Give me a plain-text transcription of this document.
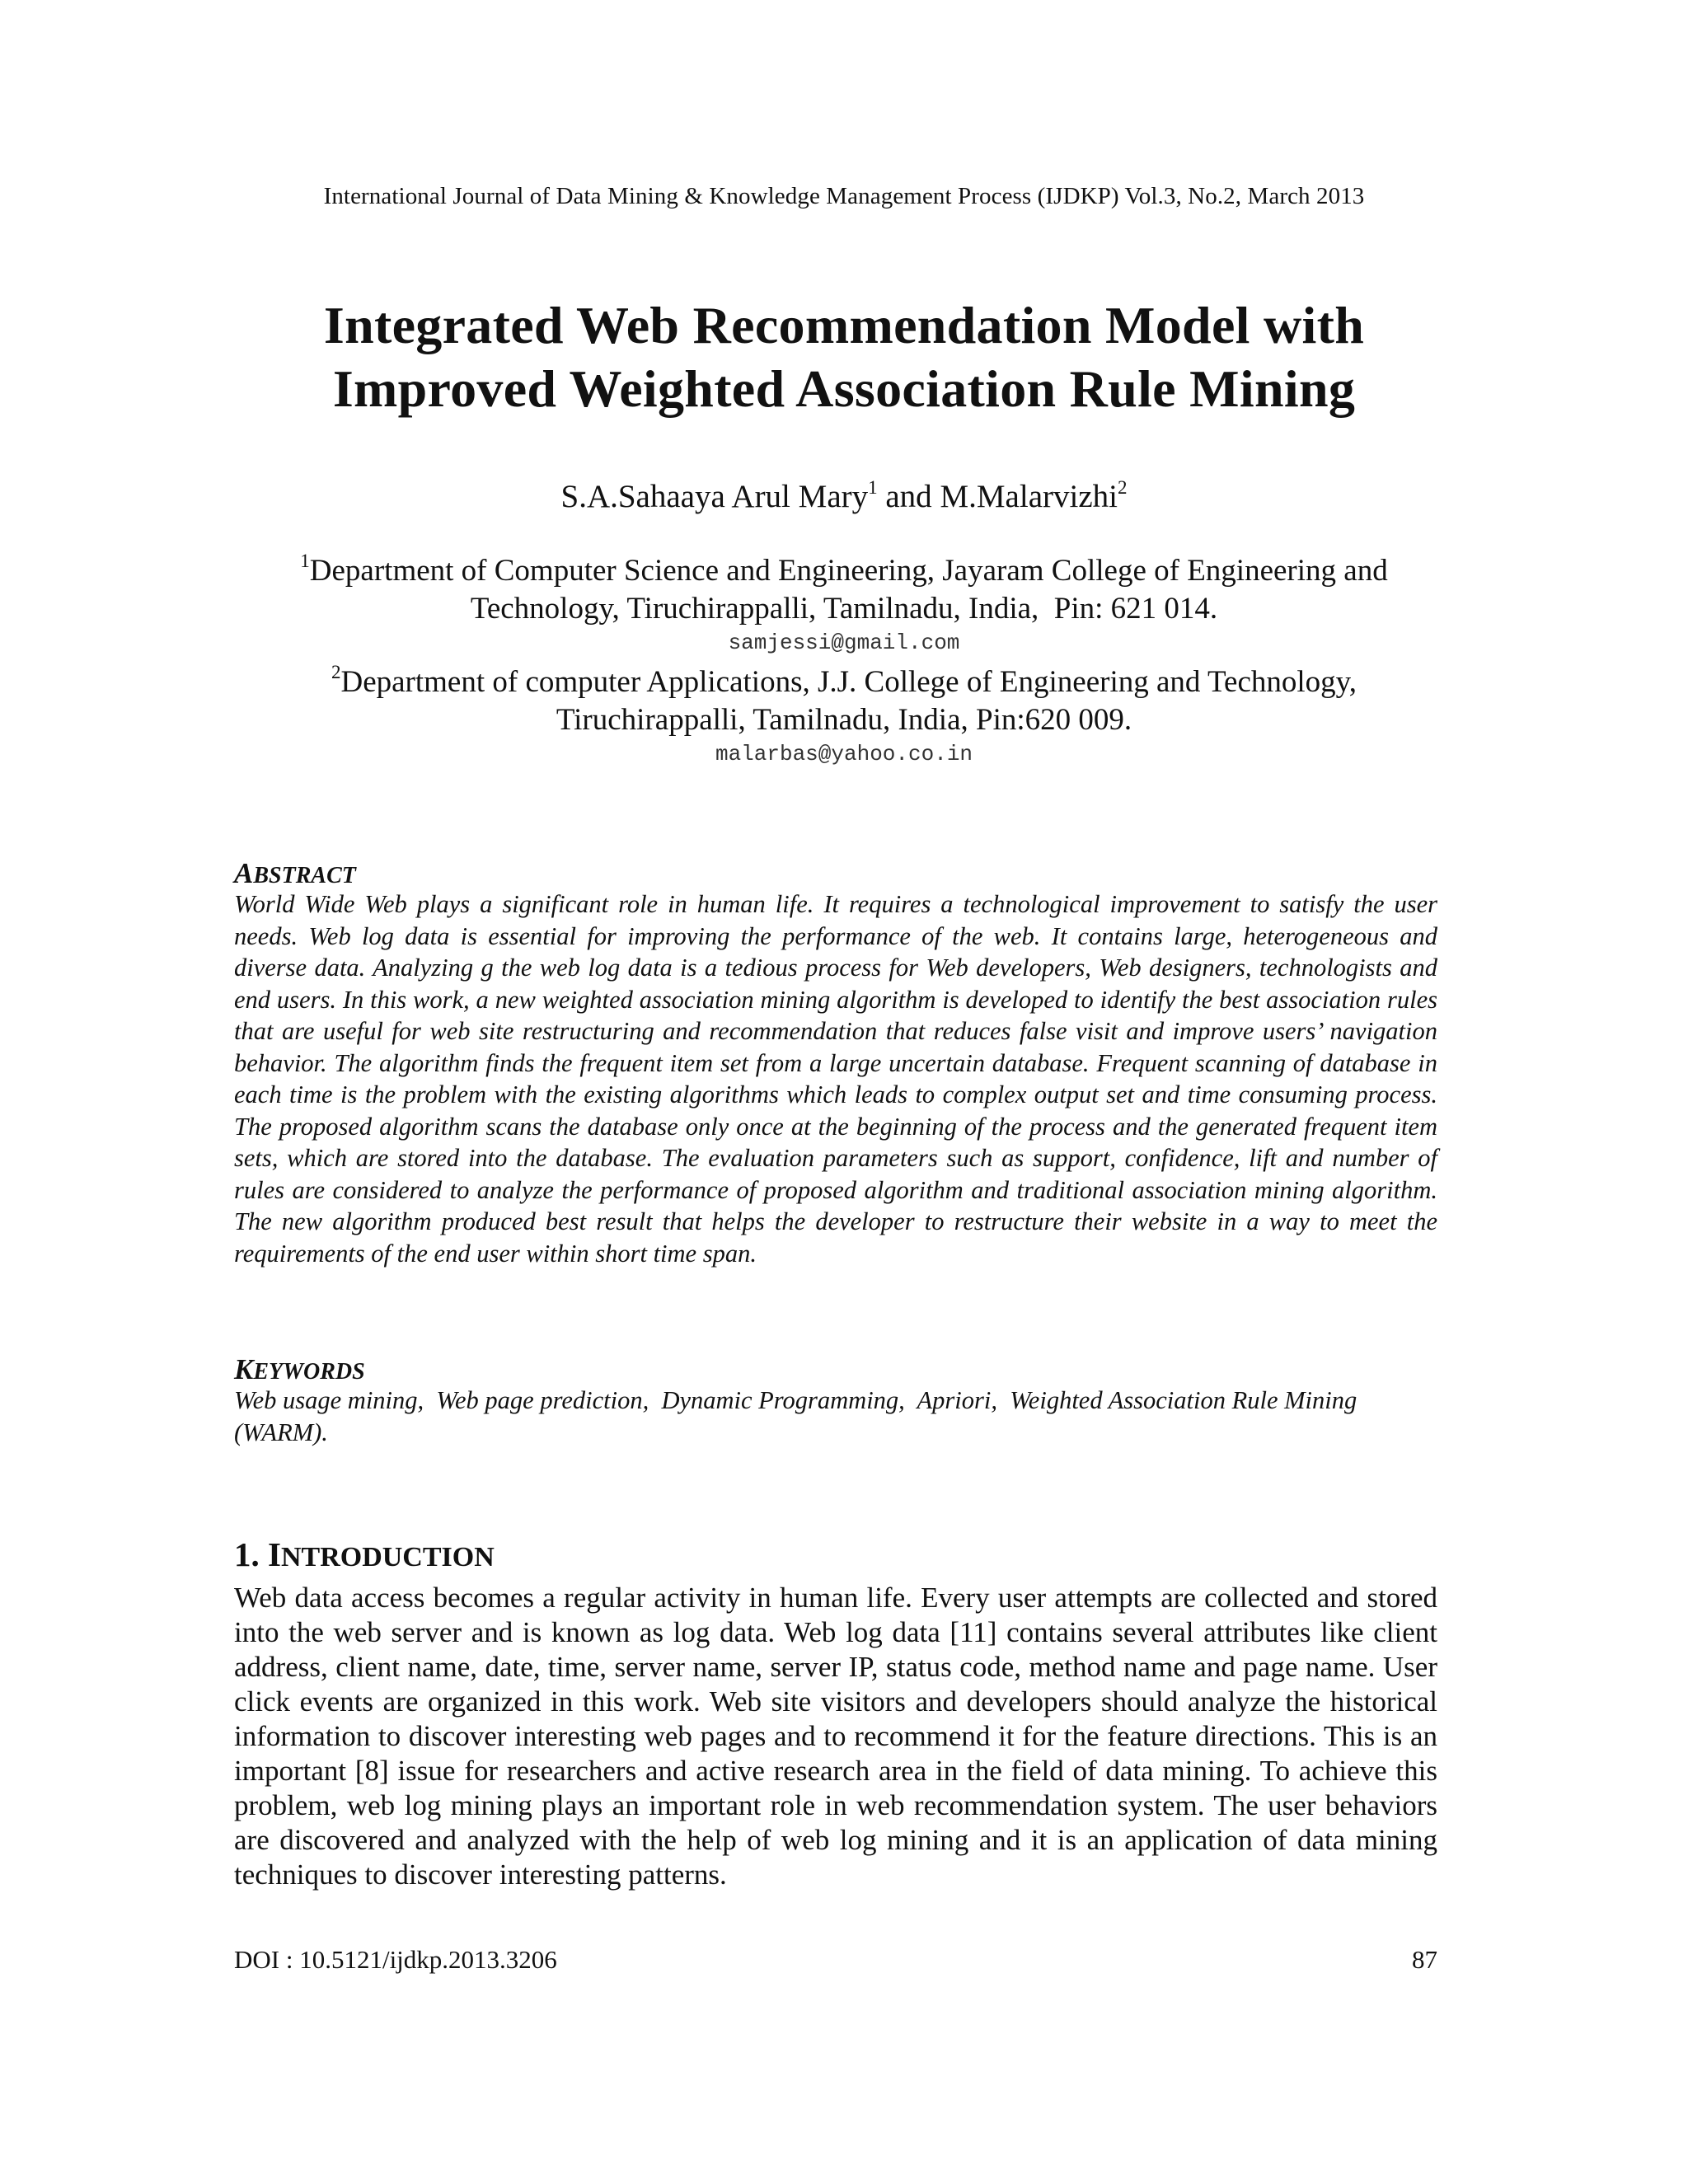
International Journal of Data Mining & Knowledge Management Process (IJDKP) Vol.3, No.2, March 2013
Integrated Web Recommendation Model with
Improved Weighted Association Rule Mining
S.A.Sahaaya Arul Mary$^1$ and M.Malarvizhi$^2$
$^1$Department of Computer Science and Engineering, Jayaram College of Engineering and
Technology, Tiruchirappalli, Tamilnadu, India,  Pin: 621 014.
samjessi@gmail.com
$^2$Department of computer Applications, J.J. College of Engineering and Technology,
Tiruchirappalli, Tamilnadu, India, Pin:620 009.
malarbas@yahoo.co.in
ABSTRACT
World Wide Web plays a significant role in human life. It requires a technological improvement to satisfy the user needs. Web log data is essential for improving the performance of the web. It contains large, heterogeneous and diverse data. Analyzing g the web log data is a tedious process for Web developers, Web designers, technologists and end users. In this work, a new weighted association mining algorithm is developed to identify the best association rules that are useful for web site restructuring and recommendation that reduces false visit and improve users’ navigation behavior. The algorithm finds the frequent item set from a large uncertain database. Frequent scanning of database in each time is the problem with the existing algorithms which leads to complex output set and time consuming process. The proposed algorithm scans the database only once at the beginning of the process and the generated frequent item sets, which are stored into the database. The evaluation parameters such as support, confidence, lift and number of rules are considered to analyze the performance of proposed algorithm and traditional association mining algorithm. The new algorithm produced best result that helps the developer to restructure their website in a way to meet the requirements of the end user within short time span.
KEYWORDS
Web usage mining,  Web page prediction,  Dynamic Programming,  Apriori,  Weighted Association Rule Mining (WARM).
1. INTRODUCTION
Web data access becomes a regular activity in human life. Every user attempts are collected and stored into the web server and is known as log data. Web log data [11] contains several attributes like client address, client name, date, time, server name, server IP, status code, method name and page name. User click events are organized in this work. Web site visitors and developers should analyze the historical information to discover interesting web pages and to recommend it for the feature directions. This is an important [8] issue for researchers and active research area in the field of data mining. To achieve this problem, web log mining plays an important role in web recommendation system. The user behaviors are discovered and analyzed with the help of web log mining and it is an application of data mining techniques to discover interesting patterns.
DOI : 10.5121/ijdkp.2013.3206	87
